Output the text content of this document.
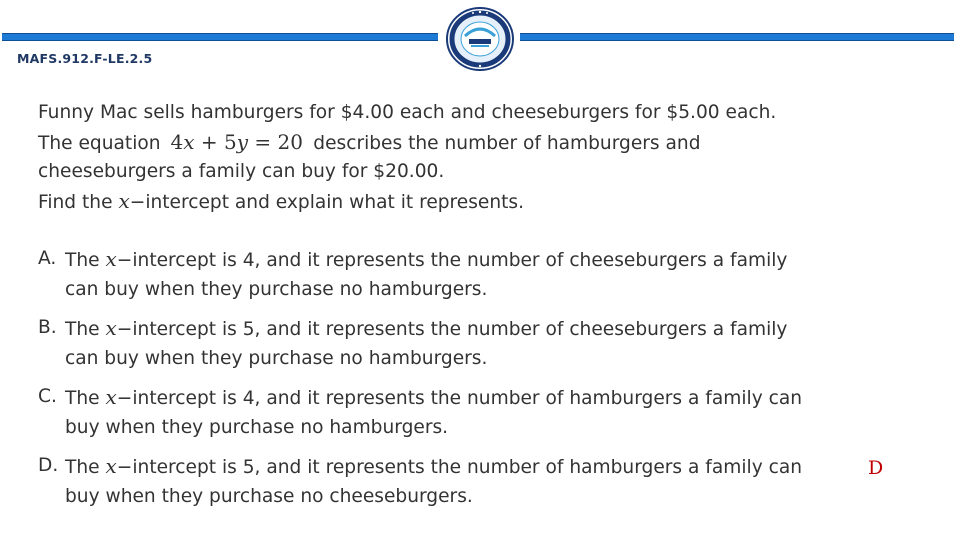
MAFS.912.F-LE.2.5
Funny Mac sells hamburgers for $4.00 each and cheeseburgers for $5.00 each.
The equation 4x + 5y = 20 describes the number of hamburgers and
cheeseburgers a family can buy for $20.00.
Find the x−intercept and explain what it represents.
A. The x−intercept is 4, and it represents the number of cheeseburgers a family
can buy when they purchase no hamburgers.
B. The x−intercept is 5, and it represents the number of cheeseburgers a family
can buy when they purchase no hamburgers.
C. The x−intercept is 4, and it represents the number of hamburgers a family can
buy when they purchase no hamburgers.
D. The x−intercept is 5, and it represents the number of hamburgers a family can
buy when they purchase no cheeseburgers.
D
